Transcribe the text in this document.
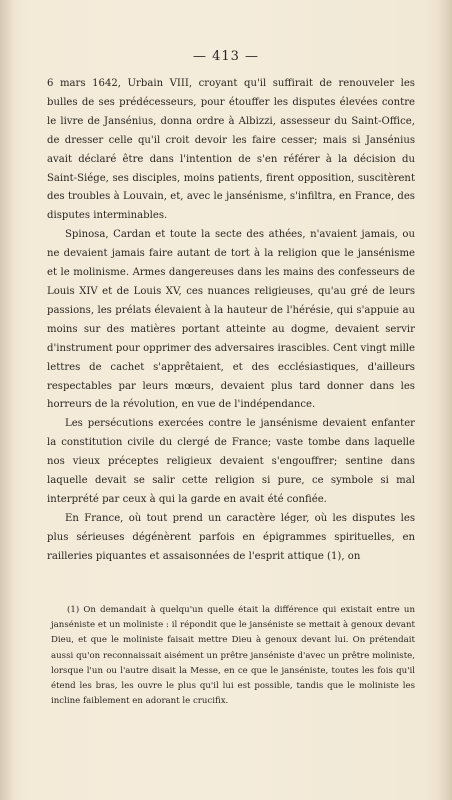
— 413 —

6 mars 1642, Urbain VIII, croyant qu'il suffirait de renouveler les bulles de ses prédécesseurs, pour étouffer les disputes élevées contre le livre de Jansénius, donna ordre à Albizzi, assesseur du Saint-Office, de dresser celle qu'il croit devoir les faire cesser; mais si Jansénius avait déclaré être dans l'intention de s'en référer à la décision du Saint-Siége, ses disciples, moins patients, firent opposition, suscitèrent des troubles à Louvain, et, avec le jansénisme, s'infiltra, en France, des disputes interminables.

Spinosa, Cardan et toute la secte des athées, n'avaient jamais, ou ne devaient jamais faire autant de tort à la religion que le jansénisme et le molinisme. Armes dangereuses dans les mains des confesseurs de Louis XIV et de Louis XV, ces nuances religieuses, qu'au gré de leurs passions, les prélats élevaient à la hauteur de l'hérésie, qui s'appuie au moins sur des matières portant atteinte au dogme, devaient servir d'instrument pour opprimer des adversaires irascibles. Cent vingt mille lettres de cachet s'apprêtaient, et des ecclésiastiques, d'ailleurs respectables par leurs mœurs, devaient plus tard donner dans les horreurs de la révolution, en vue de l'indépendance.

Les persécutions exercées contre le jansénisme devaient enfanter la constitution civile du clergé de France; vaste tombe dans laquelle nos vieux préceptes religieux devaient s'engouffrer; sentine dans laquelle devait se salir cette religion si pure, ce symbole si mal interprété par ceux à qui la garde en avait été confiée.

En France, où tout prend un caractère léger, où les disputes les plus sérieuses dégénèrent parfois en épigrammes spirituelles, en railleries piquantes et assaisonnées de l'esprit attique (1), on

(1) On demandait à quelqu'un quelle était la différence qui existait entre un janséniste et un moliniste : il répondit que le janséniste se mettait à genoux devant Dieu, et que le moliniste faisait mettre Dieu à genoux devant lui. On prétendait aussi qu'on reconnaissait aisément un prêtre janséniste d'avec un prêtre moliniste, lorsque l'un ou l'autre disait la Messe, en ce que le janséniste, toutes les fois qu'il étend les bras, les ouvre le plus qu'il lui est possible, tandis que le moliniste les incline faiblement en adorant le crucifix.
